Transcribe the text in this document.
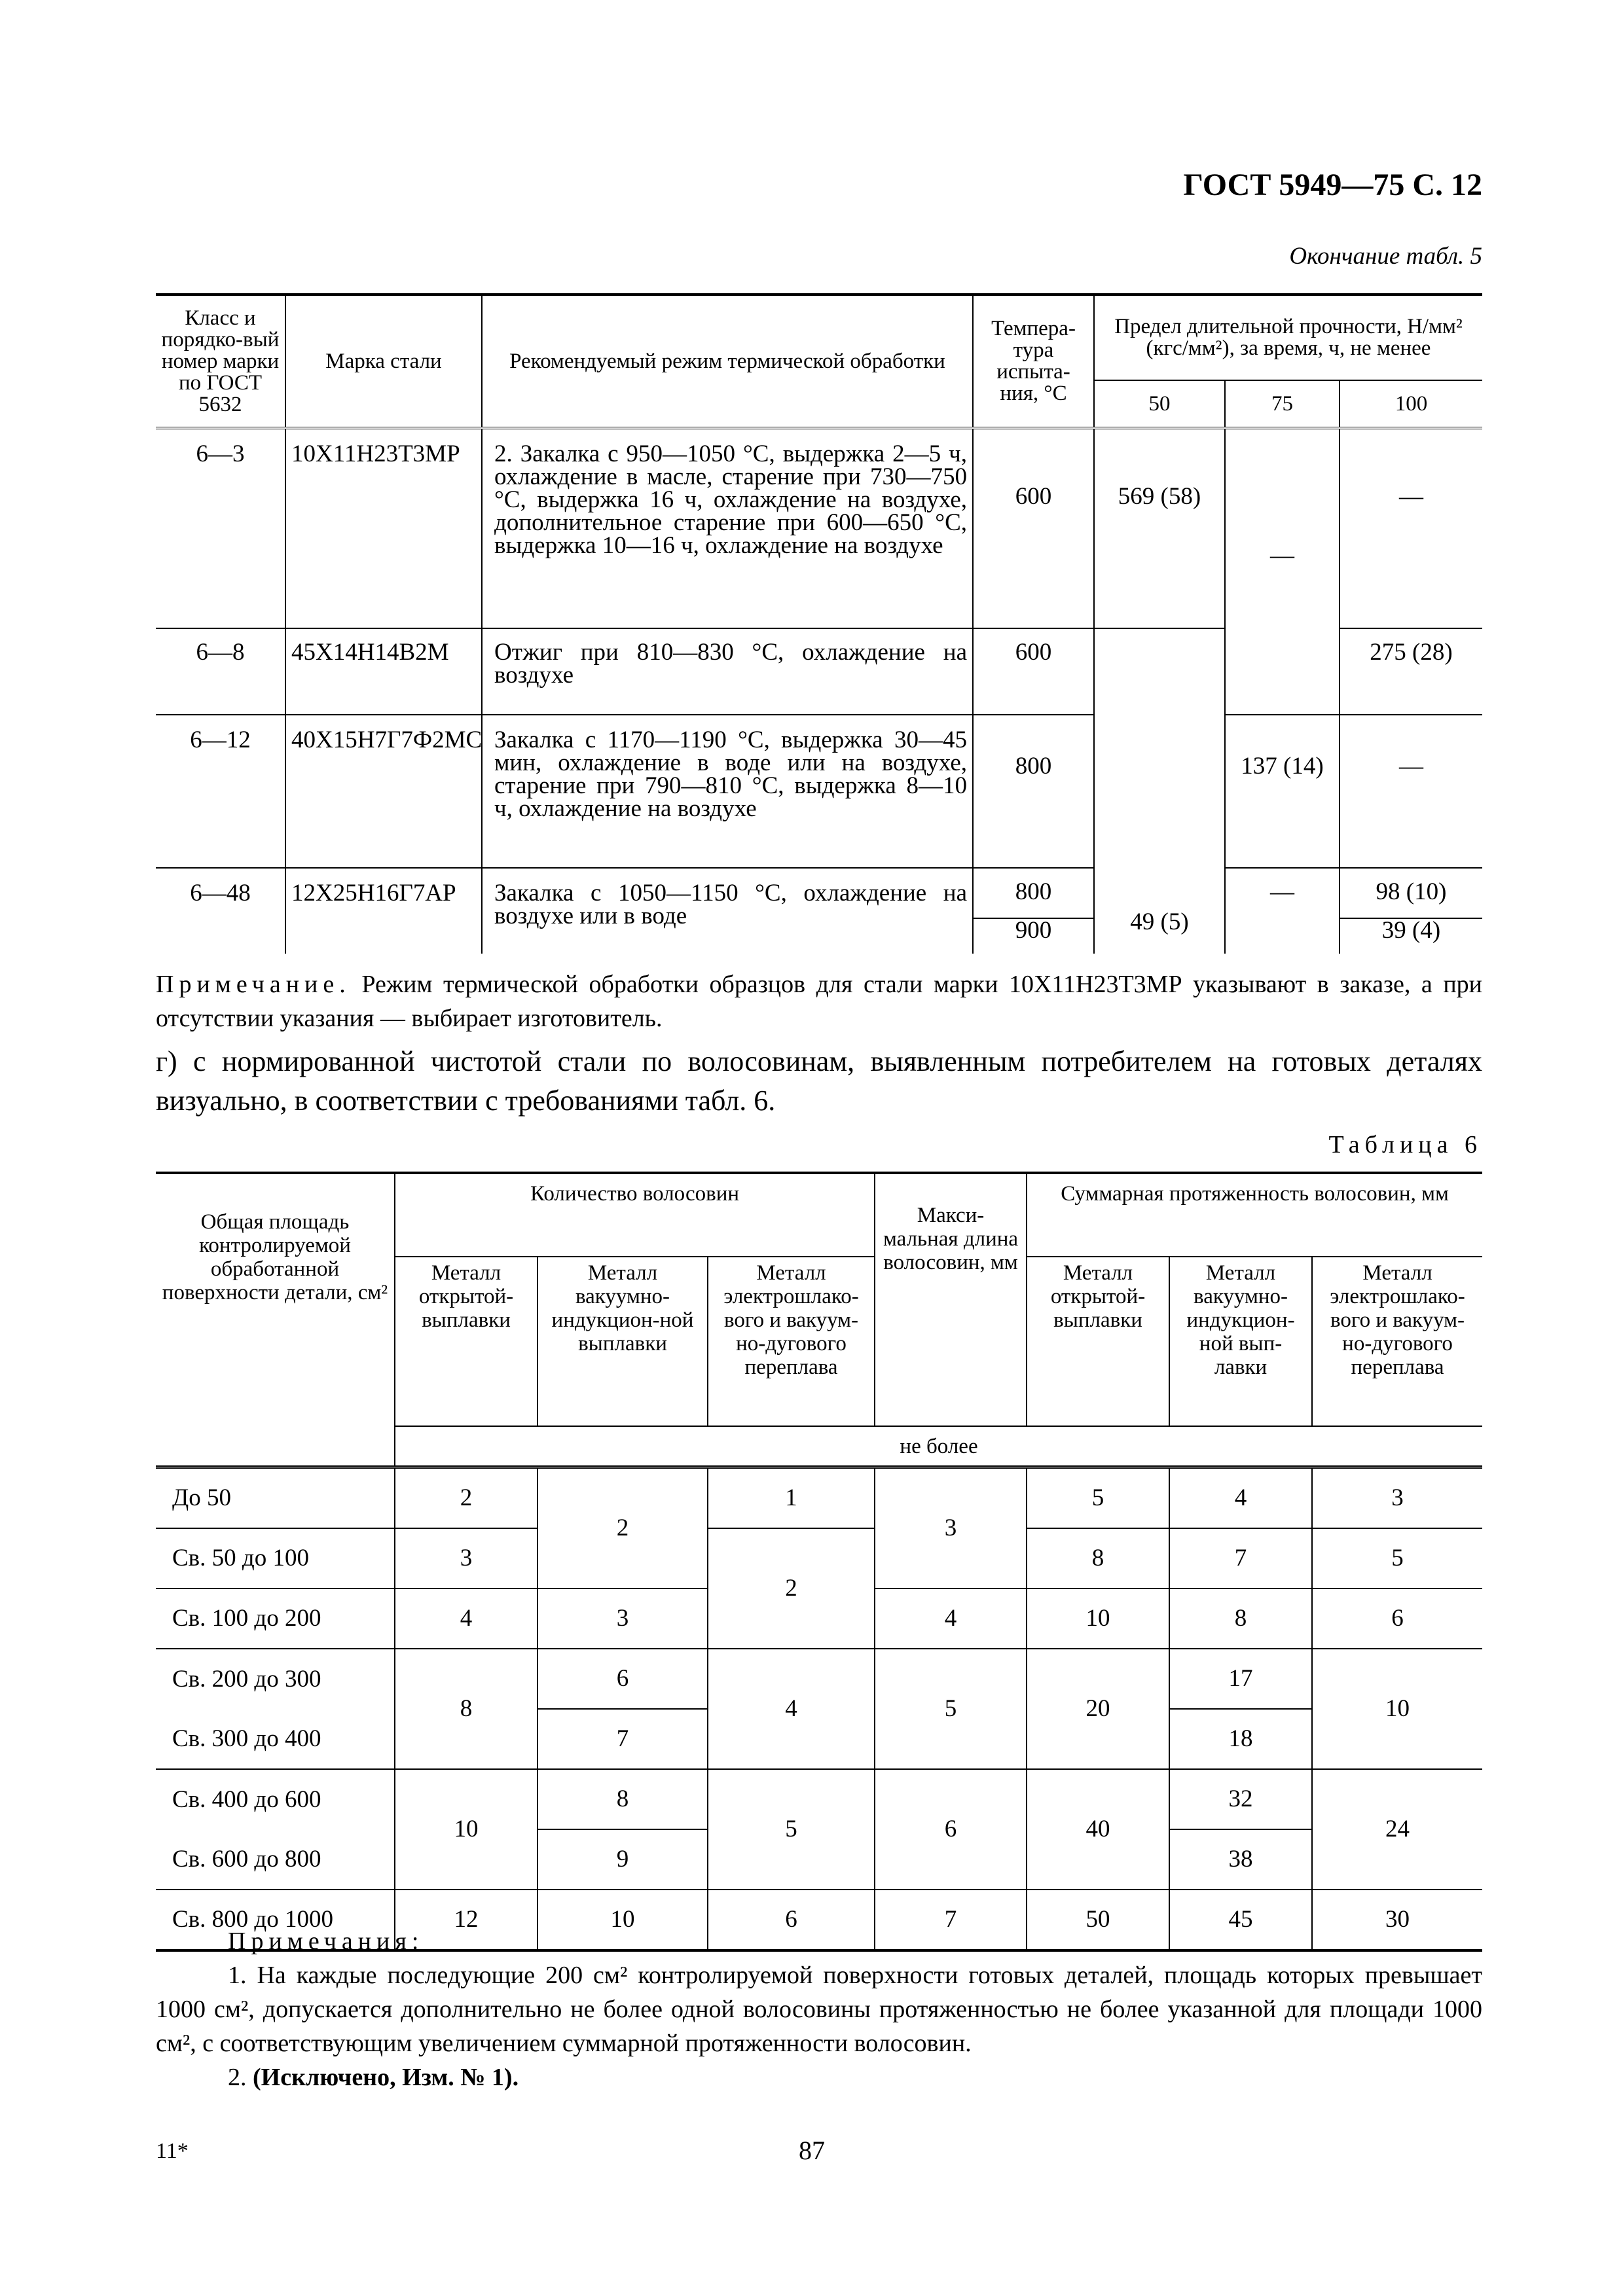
ГОСТ 5949—75 С. 12
Окончание табл. 5
Класс и порядко-вый номер марки по ГОСТ 5632	Марка стали	Рекомендуемый режим термической обработки	Темпера-тура испыта-ния, °С	Предел длительной прочности, Н/мм² (кгс/мм²), за время, ч, не менее		
				50	75	100
6—3	10Х11Н23Т3МР	2. Закалка с 950—1050 °С, выдержка 2—5 ч, охлаждение в масле, старение при 730—750 °С, выдержка 16 ч, охлаждение на воздухе, дополнительное старение при 600—650 °С, выдержка 10—16 ч, охлаждение на воздухе	600	569 (58)	—	—
6—8	45Х14Н14В2М	Отжиг при 810—830 °С, охлаждение на воздухе	600			275 (28)
6—12	40Х15Н7Г7Ф2МС	Закалка с 1170—1190 °С, выдержка 30—45 мин, охлаждение в воде или на воздухе, старение при 790—810 °С, выдержка 8—10 ч, охлаждение на воздухе	800		137 (14)	—
6—48	12Х25Н16Г7АР	Закалка с 1050—1150 °С, охлаждение на воздухе или в воде	800	49 (5)	—	98 (10)
			900			39 (4)
Примечание. Режим термической обработки образцов для стали марки 10Х11Н23Т3МР указывают в заказе, а при отсутствии указания — выбирает изготовитель.
г) с нормированной чистотой стали по волосовинам, выявленным потребителем на готовых деталях визуально, в соответствии с требованиями табл. 6.
Таблица 6
Общая площадь контролируемой обработанной поверхности детали, см²	Количество волосовин			Макси-мальная длина волосовин, мм	Суммарная протяженность волосовин, мм		
	Металл открытой-выплавки	Металл вакуумно-индукцион-ной выплавки	Металл электрошлако-вого и вакуум-но-дугового переплава		Металл открытой-выплавки	Металл вакуумно-индукцион-ной вып-лавки	Металл электрошлако-вого и вакуум-но-дугового переплава
	не более						
До 50	2	2	1	3	5	4	3
Св. 50 до 100	3		2		8	7	5
Св. 100 до 200	4	3		4	10	8	6
Св. 200 до 300	8	6	4	5	20	17	10
Св. 300 до 400		7				18	
Св. 400 до 600	10	8	5	6	40	32	24
Св. 600 до 800		9				38	
Св. 800 до 1000	12	10	6	7	50	45	30
Примечания:
1. На каждые последующие 200 см² контролируемой поверхности готовых деталей, площадь которых превышает 1000 см², допускается дополнительно не более одной волосовины протяженностью не более указанной для площади 1000 см², с соответствующим увеличением суммарной протяженности волосовин.
2. (Исключено, Изм. № 1).
11*	87
